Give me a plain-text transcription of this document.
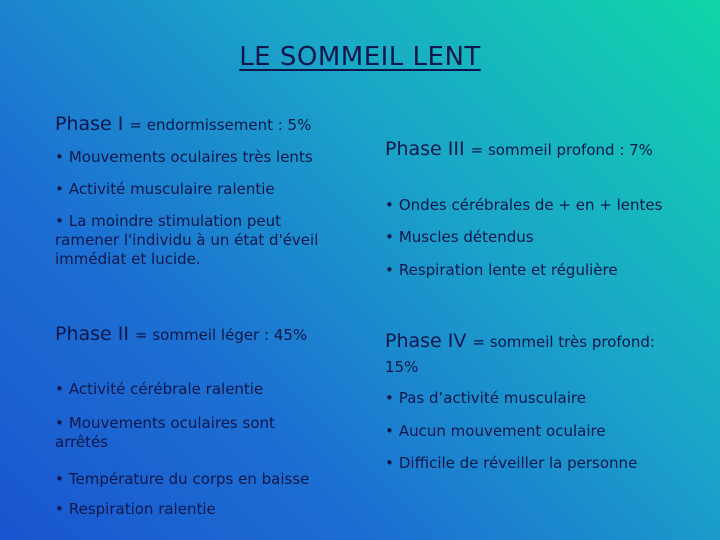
LE SOMMEIL LENT
Phase I = endormissement : 5%
• Mouvements oculaires très lents
• Activité musculaire ralentie
• La moindre stimulation peut ramener l'individu à un état d'éveil immédiat et lucide.
Phase II = sommeil léger : 45%
• Activité cérébrale ralentie
• Mouvements oculaires sont arrêtés
• Température du corps en baisse
• Respiration ralentie
Phase III = sommeil profond : 7%
• Ondes cérébrales de + en + lentes
• Muscles détendus
• Respiration lente et régulière
Phase IV = sommeil très profond: 15%
• Pas d’activité musculaire
• Aucun mouvement oculaire
• Difficile de réveiller la personne
